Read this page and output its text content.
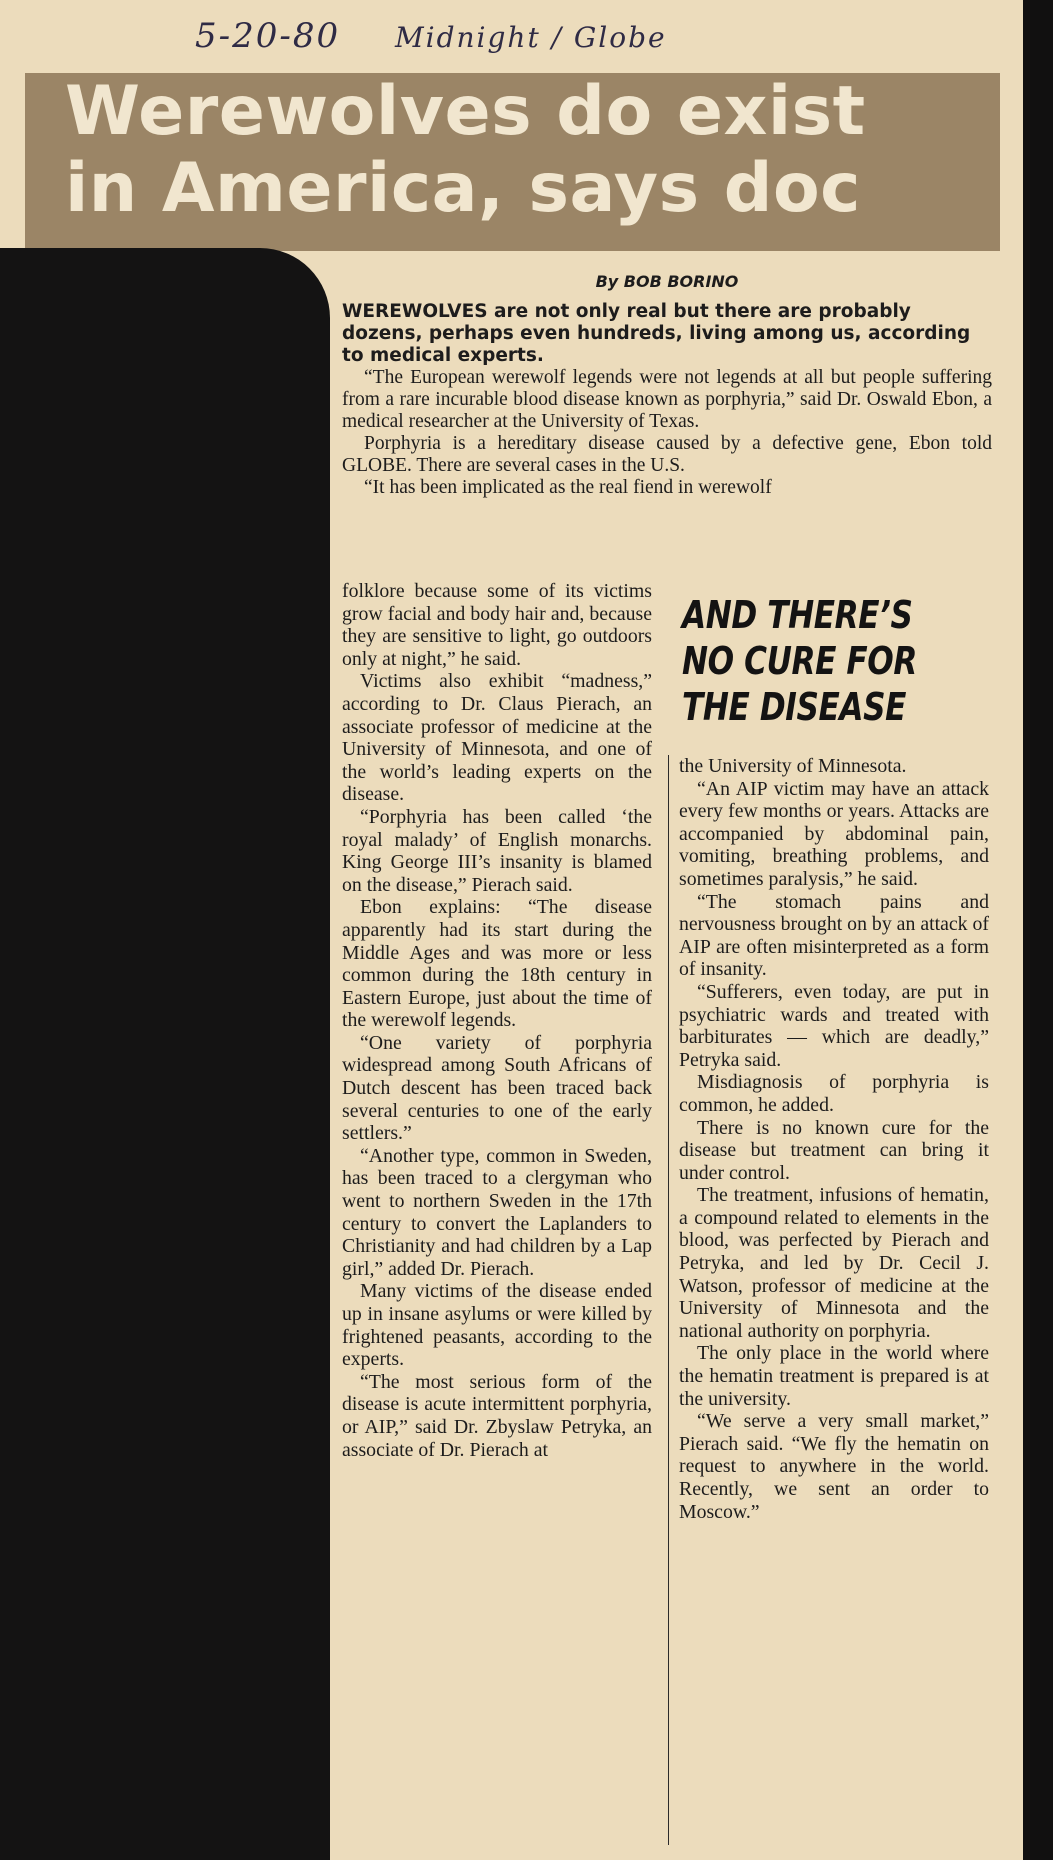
5-20-80 Midnight / Globe
Werewolves do exist
in America, says doc
By BOB BORINO

WEREWOLVES are not only real but there are probably dozens, perhaps even hundreds, living among us, according to medical experts.

“The European werewolf legends were not legends at all but people suffering from a rare incurable blood disease known as porphyria,” said Dr. Oswald Ebon, a medical researcher at the University of Texas.

Porphyria is a hereditary disease caused by a defective gene, Ebon told GLOBE. There are several cases in the U.S.

“It has been implicated as the real fiend in werewolf

folklore because some of its victims grow facial and body hair and, because they are sensitive to light, go outdoors only at night,” he said.

Victims also exhibit “madness,” according to Dr. Claus Pierach, an associate professor of medicine at the University of Minnesota, and one of the world’s leading experts on the disease.

“Porphyria has been called ‘the royal malady’ of English monarchs. King George III’s insanity is blamed on the disease,” Pierach said.

Ebon explains: “The disease apparently had its start during the Middle Ages and was more or less common during the 18th century in Eastern Europe, just about the time of the werewolf legends.

“One variety of porphyria widespread among South Africans of Dutch descent has been traced back several centuries to one of the early settlers.”

“Another type, common in Sweden, has been traced to a clergyman who went to northern Sweden in the 17th century to convert the Laplanders to Christianity and had children by a Lap girl,” added Dr. Pierach.

Many victims of the disease ended up in insane asylums or were killed by frightened peasants, according to the experts.

“The most serious form of the disease is acute intermittent porphyria, or AIP,” said Dr. Zbyslaw Petryka, an associate of Dr. Pierach at

AND THERE’S
NO CURE FOR
THE DISEASE

the University of Minnesota.

“An AIP victim may have an attack every few months or years. Attacks are accompanied by abdominal pain, vomiting, breathing problems, and sometimes paralysis,” he said.

“The stomach pains and nervousness brought on by an attack of AIP are often misinterpreted as a form of insanity.

“Sufferers, even today, are put in psychiatric wards and treated with barbiturates — which are deadly,” Petryka said.

Misdiagnosis of porphyria is common, he added.

There is no known cure for the disease but treatment can bring it under control.

The treatment, infusions of hematin, a compound related to elements in the blood, was perfected by Pierach and Petryka, and led by Dr. Cecil J. Watson, professor of medicine at the University of Minnesota and the national authority on porphyria.

The only place in the world where the hematin treatment is prepared is at the university.

“We serve a very small market,” Pierach said. “We fly the hematin on request to anywhere in the world. Recently, we sent an order to Moscow.”
